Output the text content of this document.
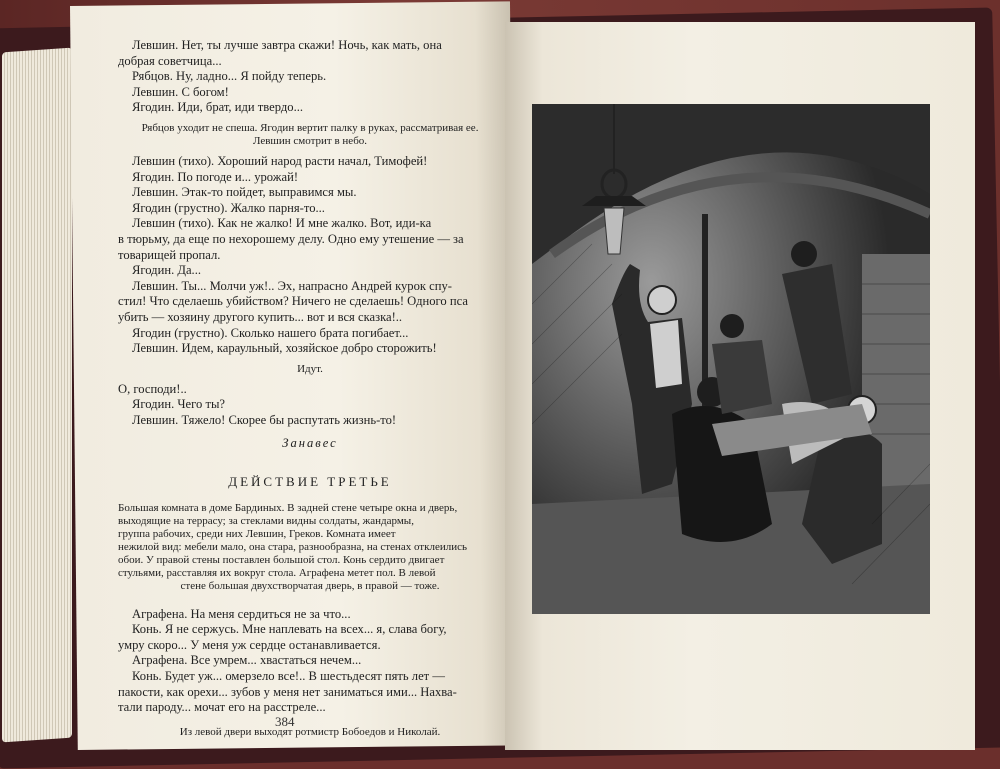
Левшин. Нет, ты лучше завтра скажи! Ночь, как мать, она

добрая советчица...

Рябцов. Ну, ладно... Я пойду теперь.

Левшин. С богом!

Ягодин. Иди, брат, иди твердо...

Рябцов уходит не спеша. Ягодин вертит палку в руках, рассматривая ее.
Левшин смотрит в небо.

Левшин (тихо). Хороший народ расти начал, Тимофей!

Ягодин. По погоде и... урожай!

Левшин. Этак-то пойдет, выправимся мы.

Ягодин (грустно). Жалко парня-то...

Левшин (тихо). Как не жалко! И мне жалко. Вот, иди-ка

в тюрьму, да еще по нехорошему делу. Одно ему утешение — за

товарищей пропал.

Ягодин. Да...

Левшин. Ты... Молчи уж!.. Эх, напрасно Андрей курок спу-

стил! Что сделаешь убийством? Ничего не сделаешь! Одного пса

убить — хозяину другого купить... вот и вся сказка!..

Ягодин (грустно). Сколько нашего брата погибает...

Левшин. Идем, караульный, хозяйское добро сторожить!

Идут.

О, господи!..

Ягодин. Чего ты?

Левшин. Тяжело! Скорее бы распутать жизнь-то!

Занавес

ДЕЙСТВИЕ ТРЕТЬЕ
Большая комната в доме Бардиных. В задней стене четыре окна и дверь,
выходящие на террасу; за стеклами видны солдаты, жандармы,
группа рабочих, среди них Левшин, Греков. Комната имеет
нежилой вид: мебели мало, она стара, разнообразна, на стенах отклеились
обои. У правой стены поставлен большой стол. Конь сердито двигает
стульями, расставляя их вокруг стола. Аграфена метет пол. В левой
стене большая двухстворчатая дверь, в правой — тоже.

Аграфена. На меня сердиться не за что...

Конь. Я не сержусь. Мне наплевать на всех... я, слава богу,

умру скоро... У меня уж сердце останавливается.

Аграфена. Все умрем... хвастаться нечем...

Конь. Будет уж... омерзело все!.. В шестьдесят пять лет —

пакости, как орехи... зубов у меня нет заниматься ими... Нахва-

тали пароду... мочат его на расстреле...

Из левой двери выходят ротмистр Бобоедов и Николай.
384
